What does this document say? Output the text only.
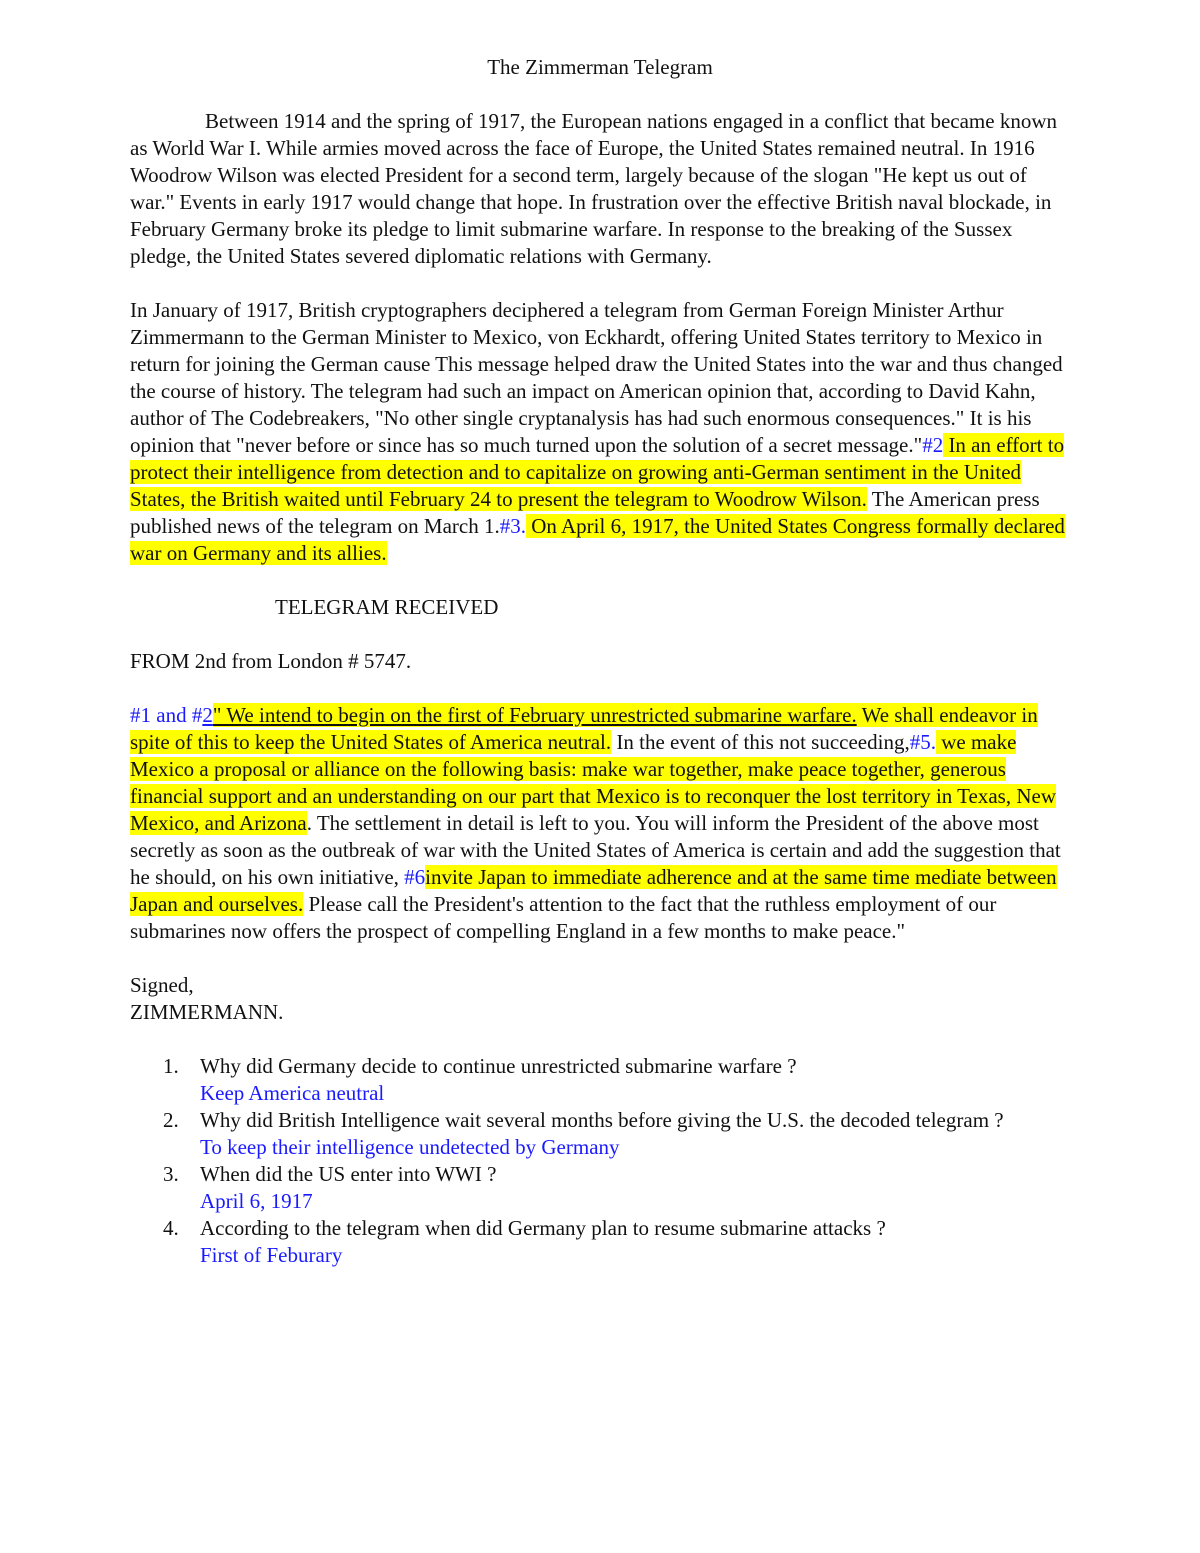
The Zimmerman Telegram

Between 1914 and the spring of 1917, the European nations engaged in a conflict that became known as World War I. While armies moved across the face of Europe, the United States remained neutral. In 1916 Woodrow Wilson was elected President for a second term, largely because of the slogan "He kept us out of war." Events in early 1917 would change that hope. In frustration over the effective British naval blockade, in February Germany broke its pledge to limit submarine warfare. In response to the breaking of the Sussex pledge, the United States severed diplomatic relations with Germany.

In January of 1917, British cryptographers deciphered a telegram from German Foreign Minister Arthur Zimmermann to the German Minister to Mexico, von Eckhardt, offering United States territory to Mexico in return for joining the German cause This message helped draw the United States into the war and thus changed the course of history. The telegram had such an impact on American opinion that, according to David Kahn, author of The Codebreakers, "No other single cryptanalysis has had such enormous consequences." It is his opinion that "never before or since has so much turned upon the solution of a secret message."#2 In an effort to protect their intelligence from detection and to capitalize on growing anti-German sentiment in the United States, the British waited until February 24 to present the telegram to Woodrow Wilson. The American press published news of the telegram on March 1.#3. On April 6, 1917, the United States Congress formally declared war on Germany and its allies.

TELEGRAM RECEIVED
FROM 2nd from London # 5747.

#1 and #2" We intend to begin on the first of February unrestricted submarine warfare. We shall endeavor in spite of this to keep the United States of America neutral. In the event of this not succeeding,#5. we make Mexico a proposal or alliance on the following basis: make war together, make peace together, generous financial support and an understanding on our part that Mexico is to reconquer the lost territory in Texas, New Mexico, and Arizona. The settlement in detail is left to you. You will inform the President of the above most secretly as soon as the outbreak of war with the United States of America is certain and add the suggestion that he should, on his own initiative, #6invite Japan to immediate adherence and at the same time mediate between Japan and ourselves. Please call the President's attention to the fact that the ruthless employment of our submarines now offers the prospect of compelling England in a few months to make peace."

Signed,
ZIMMERMANN.
1. Why did Germany decide to continue unrestricted submarine warfare ?
Keep America neutral
2. Why did British Intelligence wait several months before giving the U.S. the decoded telegram ?
To keep their intelligence undetected by Germany
3. When did the US enter into WWI ?
April 6, 1917
4. According to the telegram when did Germany plan to resume submarine attacks ?
First of Feburary
